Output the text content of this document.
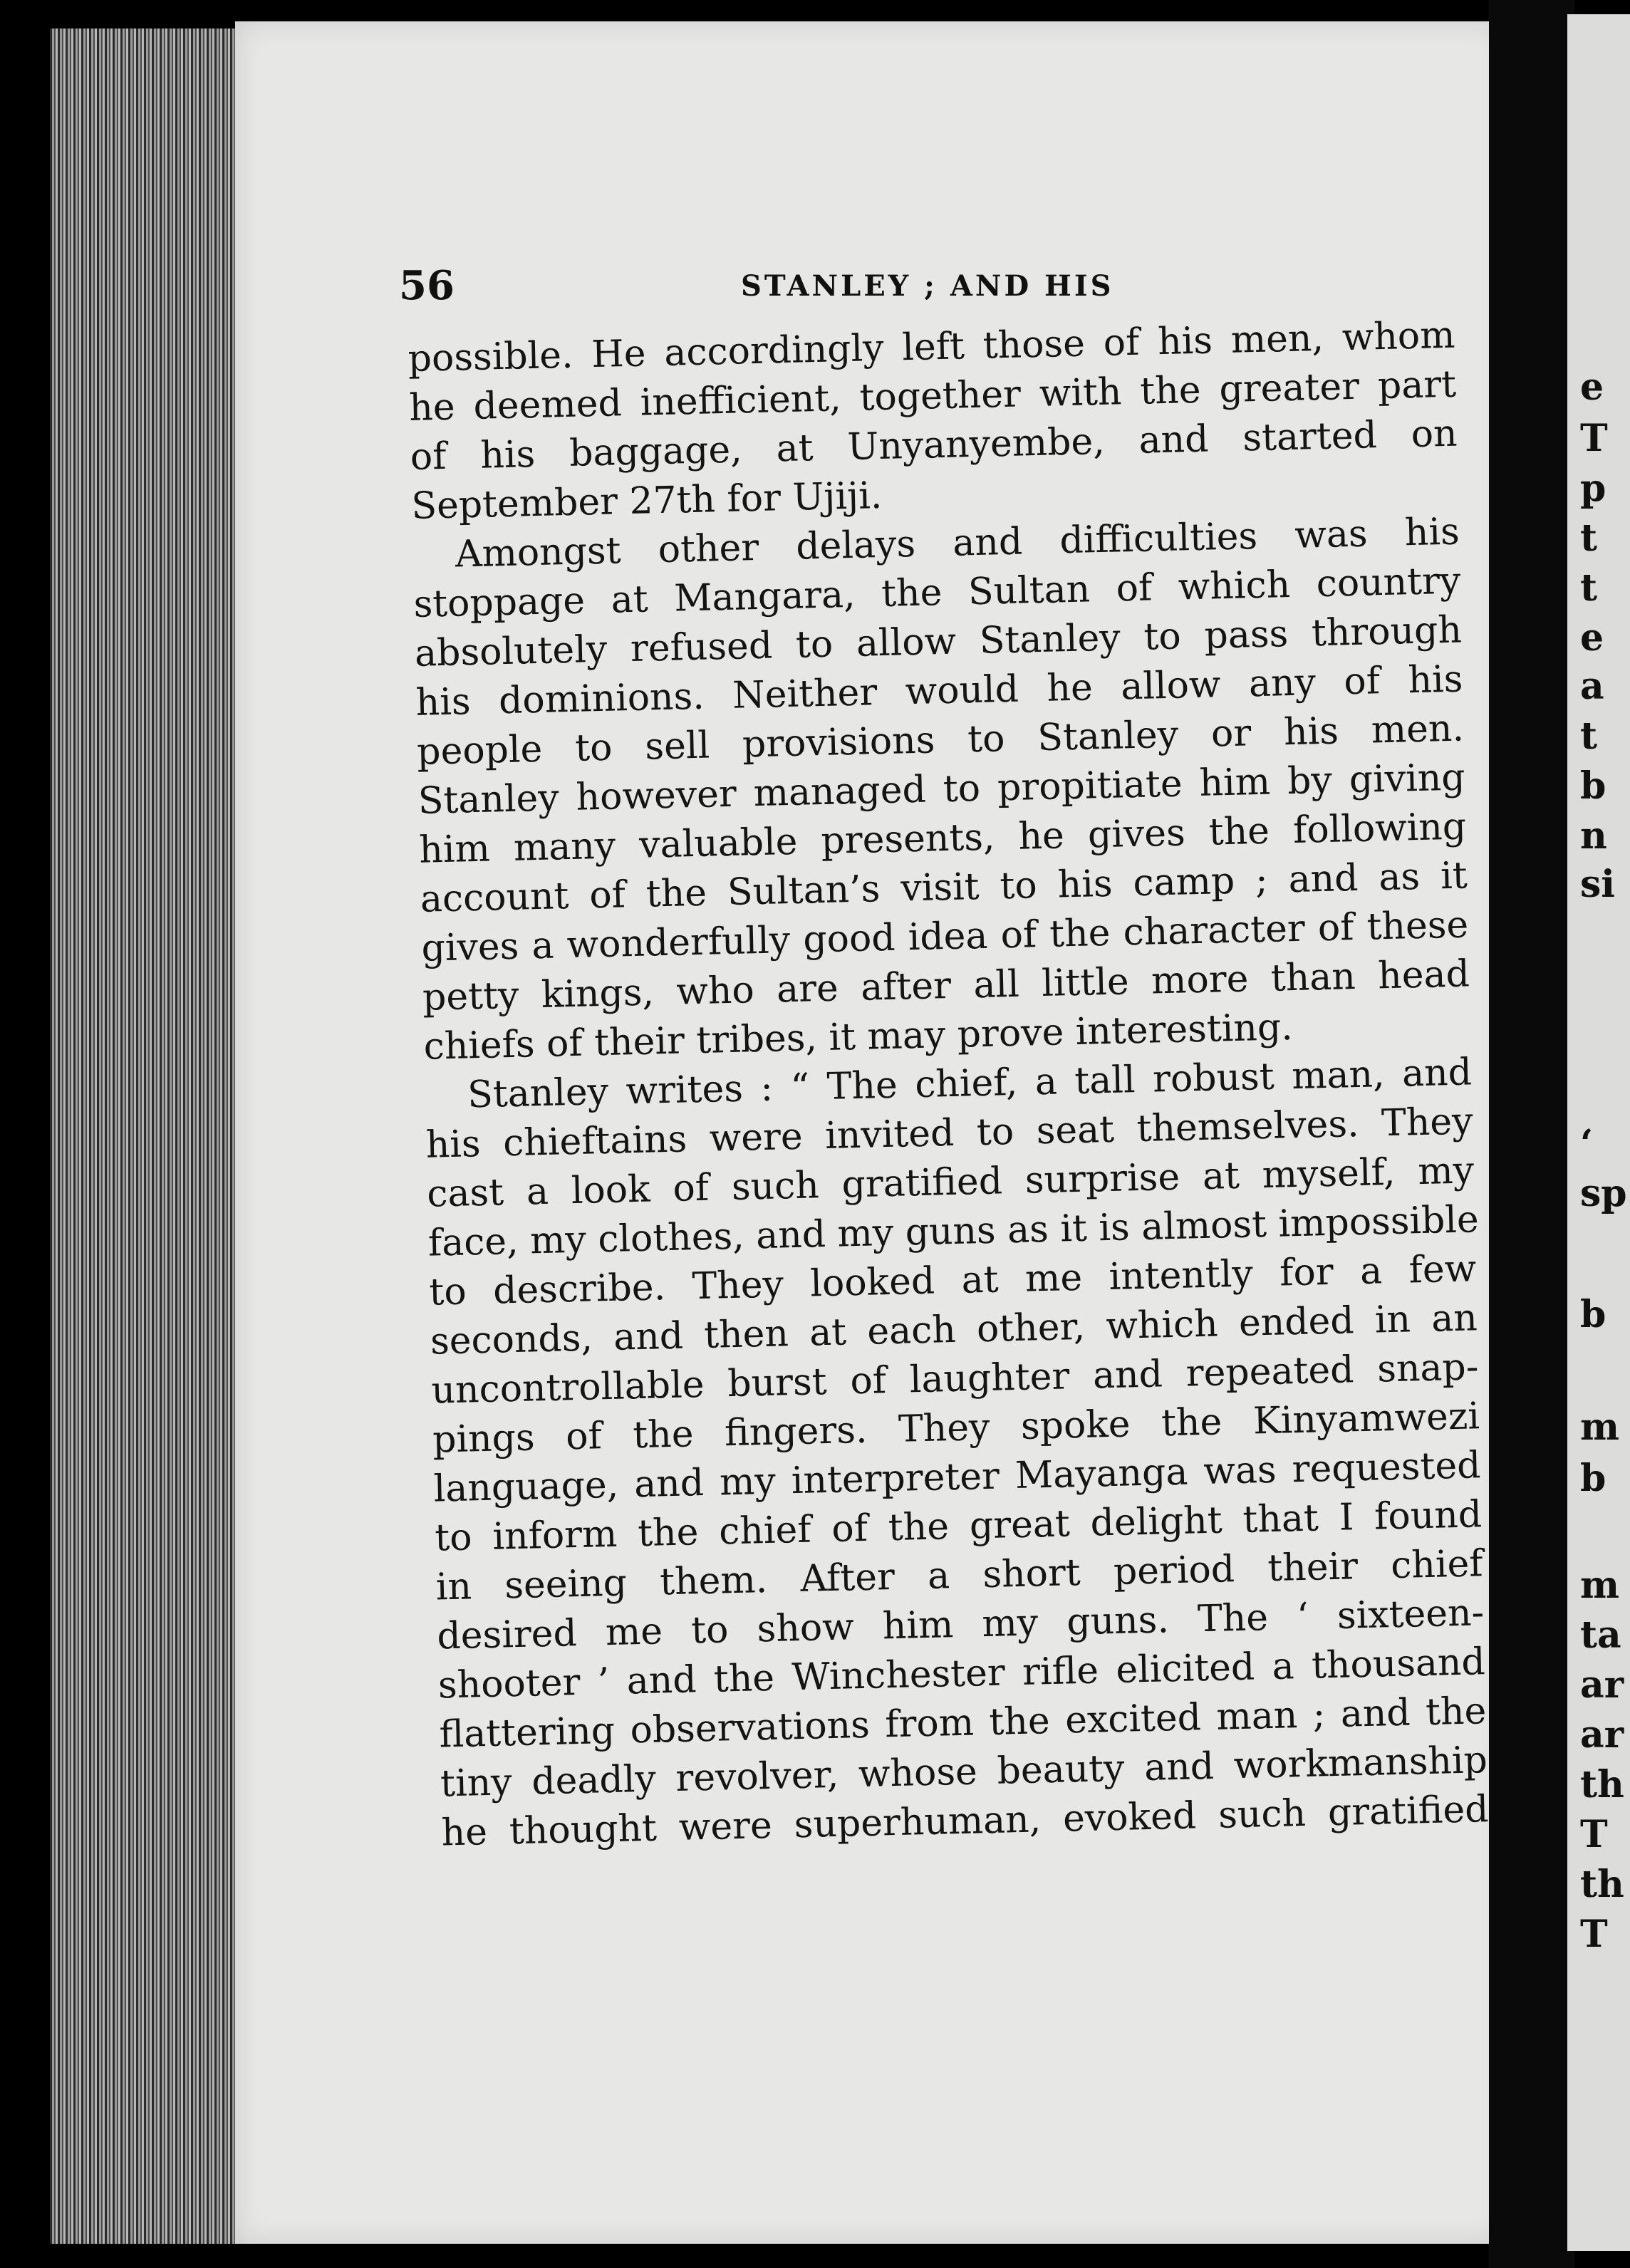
e
T
p
t
t
e
a
t
b
n
si
‘
sp
b
m
b
m
ta
ar
ar
th
T
th
T
56	STANLEY ; AND HIS
possible. He accordingly left those of his men, whom
he deemed inefficient, together with the greater part
of his baggage, at Unyanyembe, and started on
September 27th for Ujiji.
Amongst other delays and difficulties was his
stoppage at Mangara, the Sultan of which country
absolutely refused to allow Stanley to pass through
his dominions. Neither would he allow any of his
people to sell provisions to Stanley or his men.
Stanley however managed to propitiate him by giving
him many valuable presents, he gives the following
account of the Sultan’s visit to his camp ; and as it
gives a wonderfully good idea of the character of these
petty kings, who are after all little more than head
chiefs of their tribes, it may prove interesting.
Stanley writes : “ The chief, a tall robust man, and
his chieftains were invited to seat themselves. They
cast a look of such gratified surprise at myself, my
face, my clothes, and my guns as it is almost impossible
to describe. They looked at me intently for a few
seconds, and then at each other, which ended in an
uncontrollable burst of laughter and repeated snap-
pings of the fingers. They spoke the Kinyamwezi
language, and my interpreter Mayanga was requested
to inform the chief of the great delight that I found
in seeing them. After a short period their chief
desired me to show him my guns. The ‘ sixteen-
shooter ’ and the Winchester rifle elicited a thousand
flattering observations from the excited man ; and the
tiny deadly revolver, whose beauty and workmanship
he thought were superhuman, evoked such gratified
